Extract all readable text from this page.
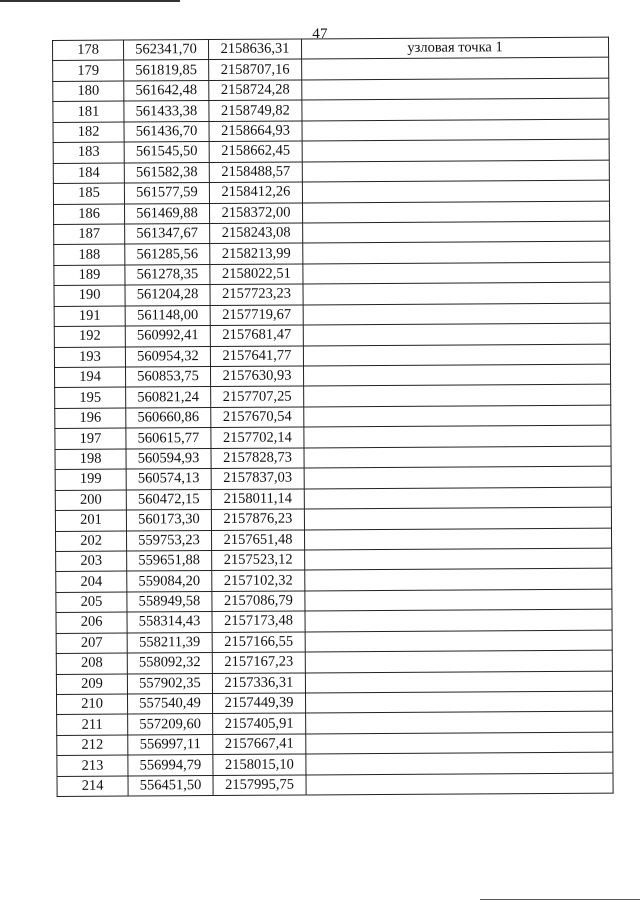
47
178	562341,70	2158636,31	узловая точка 1
179	561819,85	2158707,16	
180	561642,48	2158724,28	
181	561433,38	2158749,82	
182	561436,70	2158664,93	
183	561545,50	2158662,45	
184	561582,38	2158488,57	
185	561577,59	2158412,26	
186	561469,88	2158372,00	
187	561347,67	2158243,08	
188	561285,56	2158213,99	
189	561278,35	2158022,51	
190	561204,28	2157723,23	
191	561148,00	2157719,67	
192	560992,41	2157681,47	
193	560954,32	2157641,77	
194	560853,75	2157630,93	
195	560821,24	2157707,25	
196	560660,86	2157670,54	
197	560615,77	2157702,14	
198	560594,93	2157828,73	
199	560574,13	2157837,03	
200	560472,15	2158011,14	
201	560173,30	2157876,23	
202	559753,23	2157651,48	
203	559651,88	2157523,12	
204	559084,20	2157102,32	
205	558949,58	2157086,79	
206	558314,43	2157173,48	
207	558211,39	2157166,55	
208	558092,32	2157167,23	
209	557902,35	2157336,31	
210	557540,49	2157449,39	
211	557209,60	2157405,91	
212	556997,11	2157667,41	
213	556994,79	2158015,10	
214	556451,50	2157995,75	
